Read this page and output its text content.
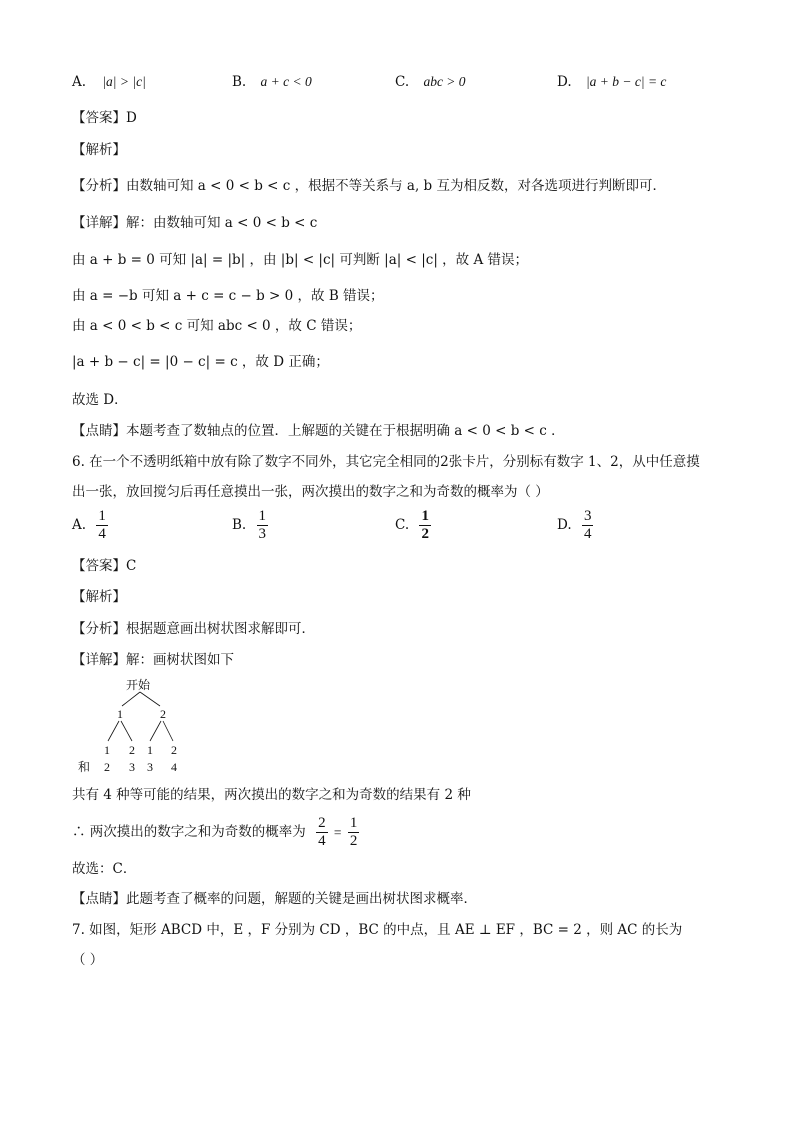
A. |a| > |c|	B. a + c < 0	C. abc > 0	D. |a + b − c| = c
【答案】D
【解析】
【分析】由数轴可知 a < 0 < b < c ，根据不等关系与 a, b 互为相反数，对各选项进行判断即可．
【详解】解：由数轴可知 a < 0 < b < c
由 a + b = 0 可知 |a| = |b| ，由 |b| < |c| 可判断 |a| < |c| ，故 A 错误；
由 a = −b 可知 a + c = c − b > 0 ，故 B 错误；
由 a < 0 < b < c 可知 abc < 0 ，故 C 错误；
|a + b − c| = |0 − c| = c ，故 D 正确；
故选 D．
【点睛】本题考查了数轴点的位置．上解题的关键在于根据明确 a < 0 < b < c ．
6. 在一个不透明纸箱中放有除了数字不同外，其它完全相同的2张卡片，分别标有数字 1、2，从中任意摸
出一张，放回搅匀后再任意摸出一张，两次摸出的数字之和为奇数的概率为（ ）
A. $\frac{1}{4}$	B. $\frac{1}{3}$	C. $\frac{1}{2}$	D. $\frac{3}{4}$
【答案】C
【解析】
【分析】根据题意画出树状图求解即可．
【详解】解：画树状图如下
开始
1	2
1 2 1 2
和 2 3 3 4
共有 4 种等可能的结果，两次摸出的数字之和为奇数的结果有 2 种
∴ 两次摸出的数字之和为奇数的概率为 $\frac{2}{4} = \frac{1}{2}$
故选：C．
【点睛】此题考查了概率的问题，解题的关键是画出树状图求概率．
7. 如图，矩形 ABCD 中，E ，F 分别为 CD ，BC 的中点，且 AE ⊥ EF ，BC = 2 ，则 AC 的长为
（ ）
